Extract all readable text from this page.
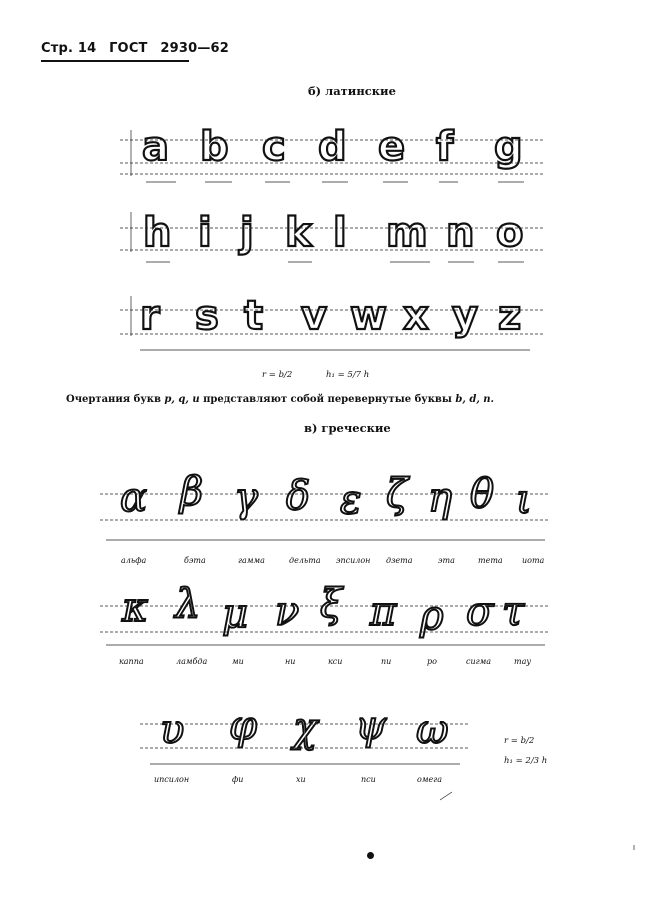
Стр. 14 ГОСТ 2930—62
б) латинские
a b c d e f g
h i j k l m n o
r s t v w x y z
r = b/2	h₁ = 5/7 h
Очертания букв p, q, u представляют собой перевернутые буквы b, d, n.
в) греческие
α β γ δ ε ζ η θ ι
альфа	бэта	гамма	дельта эпсилон дзета	эта	тета иота
κ λ μ ν ξ π ρ σ τ
каппа	ламбда	ми	ни	кси	пи	ро	сигма	тау
υ φ χ ψ ω
ипсилон	фи	хи	пси	омега
r = b/2
h₁ = 2/3 h
